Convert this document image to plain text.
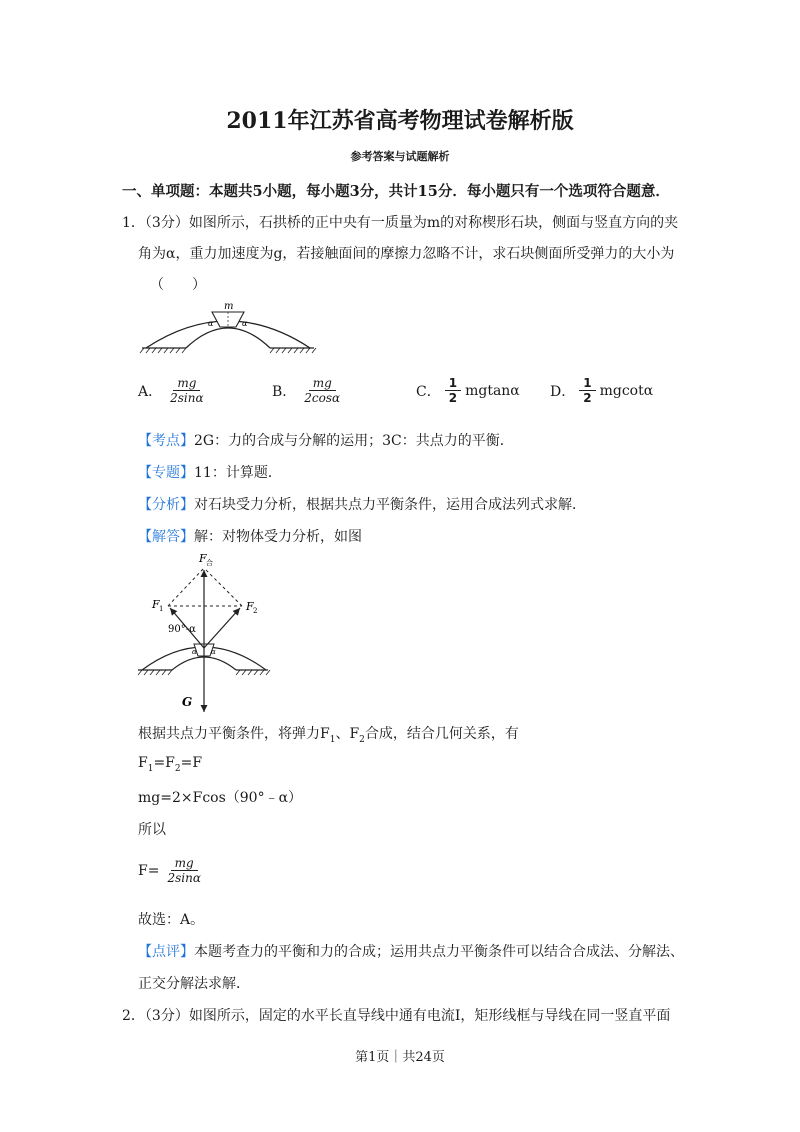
2011年江苏省高考物理试卷解析版
参考答案与试题解析
一、单项题：本题共5小题，每小题3分，共计15分．每小题只有一个选项符合题意．
1．（3分）如图所示，石拱桥的正中央有一质量为m的对称楔形石块，侧面与竖直方向的夹
角为α，重力加速度为g，若接触面间的摩擦力忽略不计，求石块侧面所受弹力的大小为
（　　）
m
α	α
A． $\frac{mg}{2\sin\alpha}$	B． $\frac{mg}{2\cos\alpha}$	C． $\frac{1}{2}$ mgtanα D． $\frac{1}{2}$ mgcotα
【考点】2G：力的合成与分解的运用；3C：共点力的平衡．
【专题】11：计算题．
【分析】对石块受力分析，根据共点力平衡条件，运用合成法列式求解．
【解答】解：对物体受力分析，如图
F 合
F 1	F 2
90°-α
α α
G
根据共点力平衡条件，将弹力$F_1$、$F_2$合成，结合几何关系，有
$F_1=F_2=F$
mg=2×Fcos（90°﹣α）
所以
$F= \frac{mg}{2\sin\alpha}$
故选：A。
【点评】本题考查力的平衡和力的合成；运用共点力平衡条件可以结合合成法、分解法、
正交分解法求解．
2．（3分）如图所示，固定的水平长直导线中通有电流I，矩形线框与导线在同一竖直平面
第1页｜共24页
